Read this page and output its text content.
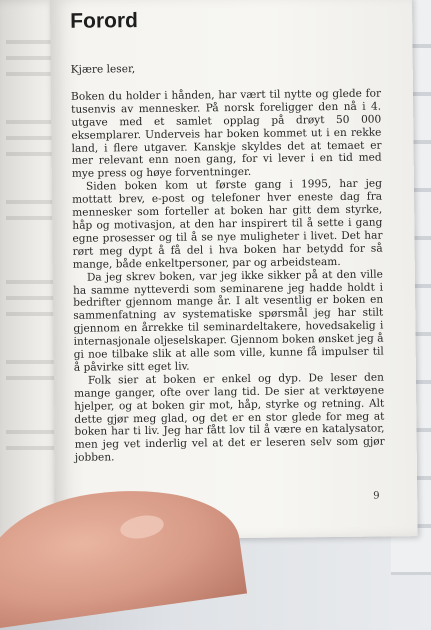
Forord

Kjære leser,

Boken du holder i hånden, har vært til nytte og glede for tusenvis av mennesker. På norsk foreligger den nå i 4. utgave med et samlet opplag på drøyt 50 000 eksemplarer. Underveis har boken kommet ut i en rekke land, i flere utgaver. Kanskje skyldes det at temaet er mer relevant enn noen gang, for vi lever i en tid med mye press og høye forventninger.

Siden boken kom ut første gang i 1995, har jeg mottatt brev, e-post og telefoner hver eneste dag fra mennesker som forteller at boken har gitt dem styrke, håp og motivasjon, at den har inspirert til å sette i gang egne prosesser og til å se nye muligheter i livet. Det har rørt meg dypt å få del i hva boken har betydd for så mange, både enkeltpersoner, par og arbeidsteam.

Da jeg skrev boken, var jeg ikke sikker på at den ville ha samme nytteverdi som seminarene jeg hadde holdt i bedrifter gjennom mange år. I alt vesentlig er boken en sammenfatning av systematiske spørsmål jeg har stilt gjennom en årrekke til seminardeltakere, hovedsakelig i internasjonale oljeselskaper. Gjennom boken ønsket jeg å gi noe tilbake slik at alle som ville, kunne få impulser til å påvirke sitt eget liv.

Folk sier at boken er enkel og dyp. De leser den mange ganger, ofte over lang tid. De sier at verktøyene hjelper, og at boken gir mot, håp, styrke og retning. Alt dette gjør meg glad, og det er en stor glede for meg at boken har ti liv. Jeg har fått lov til å være en katalysator, men jeg vet inderlig vel at det er leseren selv som gjør jobben.

9
